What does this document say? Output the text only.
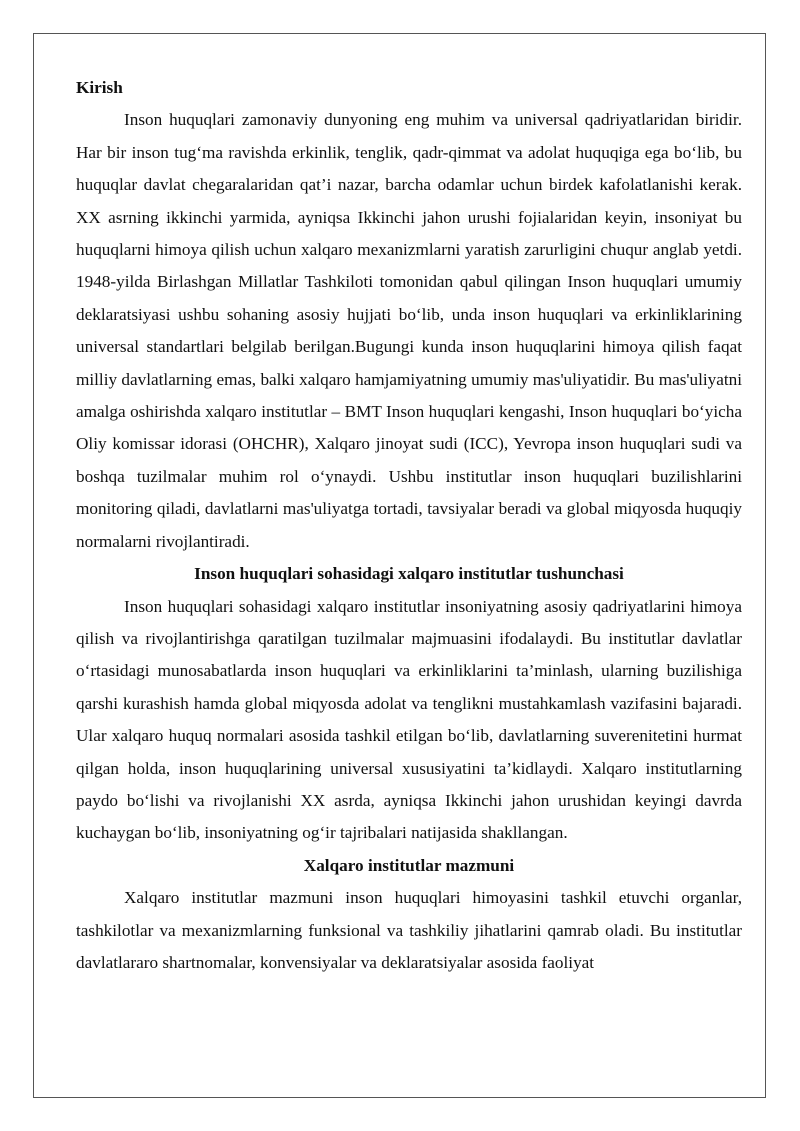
Kirish

Inson huquqlari zamonaviy dunyoning eng muhim va universal qadriyatlaridan biridir. Har bir inson tug‘ma ravishda erkinlik, tenglik, qadr-qimmat va adolat huquqiga ega bo‘lib, bu huquqlar davlat chegaralaridan qat’i nazar, barcha odamlar uchun birdek kafolatlanishi kerak. XX asrning ikkinchi yarmida, ayniqsa Ikkinchi jahon urushi fojialaridan keyin, insoniyat bu huquqlarni himoya qilish uchun xalqaro mexanizmlarni yaratish zarurligini chuqur anglab yetdi. 1948-yilda Birlashgan Millatlar Tashkiloti tomonidan qabul qilingan Inson huquqlari umumiy deklaratsiyasi ushbu sohaning asosiy hujjati bo‘lib, unda inson huquqlari va erkinliklarining universal standartlari belgilab berilgan.Bugungi kunda inson huquqlarini himoya qilish faqat milliy davlatlarning emas, balki xalqaro hamjamiyatning umumiy mas'uliyatidir. Bu mas'uliyatni amalga oshirishda xalqaro institutlar – BMT Inson huquqlari kengashi, Inson huquqlari bo‘yicha Oliy komissar idorasi (OHCHR), Xalqaro jinoyat sudi (ICC), Yevropa inson huquqlari sudi va boshqa tuzilmalar muhim rol o‘ynaydi. Ushbu institutlar inson huquqlari buzilishlarini monitoring qiladi, davlatlarni mas'uliyatga tortadi, tavsiyalar beradi va global miqyosda huquqiy normalarni rivojlantiradi.

Inson huquqlari sohasidagi xalqaro institutlar tushunchasi

Inson huquqlari sohasidagi xalqaro institutlar insoniyatning asosiy qadriyatlarini himoya qilish va rivojlantirishga qaratilgan tuzilmalar majmuasini ifodalaydi. Bu institutlar davlatlar o‘rtasidagi munosabatlarda inson huquqlari va erkinliklarini ta’minlash, ularning buzilishiga qarshi kurashish hamda global miqyosda adolat va tenglikni mustahkamlash vazifasini bajaradi. Ular xalqaro huquq normalari asosida tashkil etilgan bo‘lib, davlatlarning suverenitetini hurmat qilgan holda, inson huquqlarining universal xususiyatini ta’kidlaydi. Xalqaro institutlarning paydo bo‘lishi va rivojlanishi XX asrda, ayniqsa Ikkinchi jahon urushidan keyingi davrda kuchaygan bo‘lib, insoniyatning og‘ir tajribalari natijasida shakllangan.

Xalqaro institutlar mazmuni

Xalqaro institutlar mazmuni inson huquqlari himoyasini tashkil etuvchi organlar, tashkilotlar va mexanizmlarning funksional va tashkiliy jihatlarini qamrab oladi. Bu institutlar davlatlararo shartnomalar, konvensiyalar va deklaratsiyalar asosida faoliyat
